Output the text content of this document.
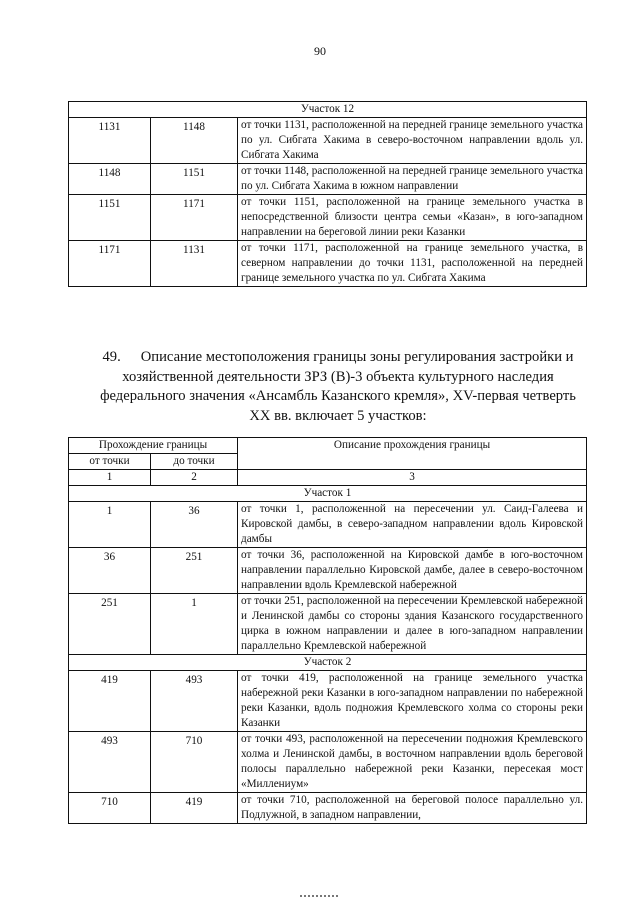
90
Участок 12		
1131	1148	от точки 1131, расположенной на передней границе земельного участка по ул. Сибгата Хакима в северо-восточном направлении вдоль ул. Сибгата Хакима
1148	1151	от точки 1148, расположенной на передней границе земельного участка по ул. Сибгата Хакима в южном направлении
1151	1171	от точки 1151, расположенной на границе земельного участка в непосредственной близости центра семьи «Казан», в юго-западном направлении на береговой линии реки Казанки
1171	1131	от точки 1171, расположенной на границе земельного участка, в северном направлении до точки 1131, расположенной на передней границе земельного участка по ул. Сибгата Хакима
49. Описание местоположения границы зоны регулирования застройки и хозяйственной деятельности ЗРЗ (В)-3 объекта культурного наследия федерального значения «Ансамбль Казанского кремля», XV-первая четверть XX вв. включает 5 участков:
Прохождение границы		Описание прохождения границы
от точки	до точки	
1	2	3
Участок 1		
1	36	от точки 1, расположенной на пересечении ул. Саид-Галеева и Кировской дамбы, в северо-западном направлении вдоль Кировской дамбы
36	251	от точки 36, расположенной на Кировской дамбе в юго-восточном направлении параллельно Кировской дамбе, далее в северо-восточном направлении вдоль Кремлевской набережной
251	1	от точки 251, расположенной на пересечении Кремлевской набережной и Ленинской дамбы со стороны здания Казанского государственного цирка в южном направлении и далее в юго-западном направлении параллельно Кремлевской набережной
Участок 2		
419	493	от точки 419, расположенной на границе земельного участка набережной реки Казанки в юго-западном направлении по набережной реки Казанки, вдоль подножия Кремлевского холма со стороны реки Казанки
493	710	от точки 493, расположенной на пересечении подножия Кремлевского холма и Ленинской дамбы, в восточном направлении вдоль береговой полосы параллельно набережной реки Казанки, пересекая мост «Миллениум»
710	419	от точки 710, расположенной на береговой полосе параллельно ул. Подлужной, в западном направлении,
